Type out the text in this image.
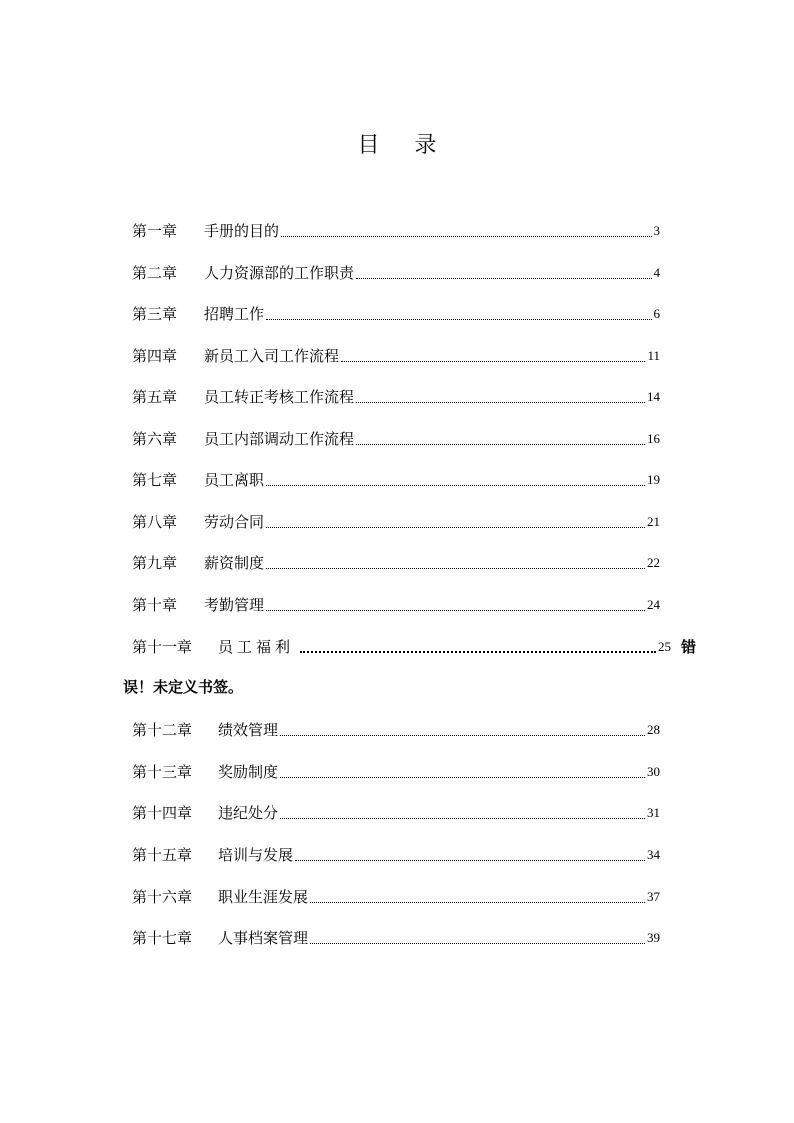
目 录
第一章	手册的目的	3
第二章	人力资源部的工作职责	4
第三章	招聘工作	6
第四章	新员工入司工作流程	11
第五章	员工转正考核工作流程	14
第六章	员工内部调动工作流程	16
第七章	员工离职	19
第八章	劳动合同	21
第九章	薪资制度	22
第十章	考勤管理	24
第十一章	员工福利	25 错
误！未定义书签。
第十二章	绩效管理	28
第十三章	奖励制度	30
第十四章	违纪处分	31
第十五章	培训与发展	34
第十六章	职业生涯发展	37
第十七章	人事档案管理	39
